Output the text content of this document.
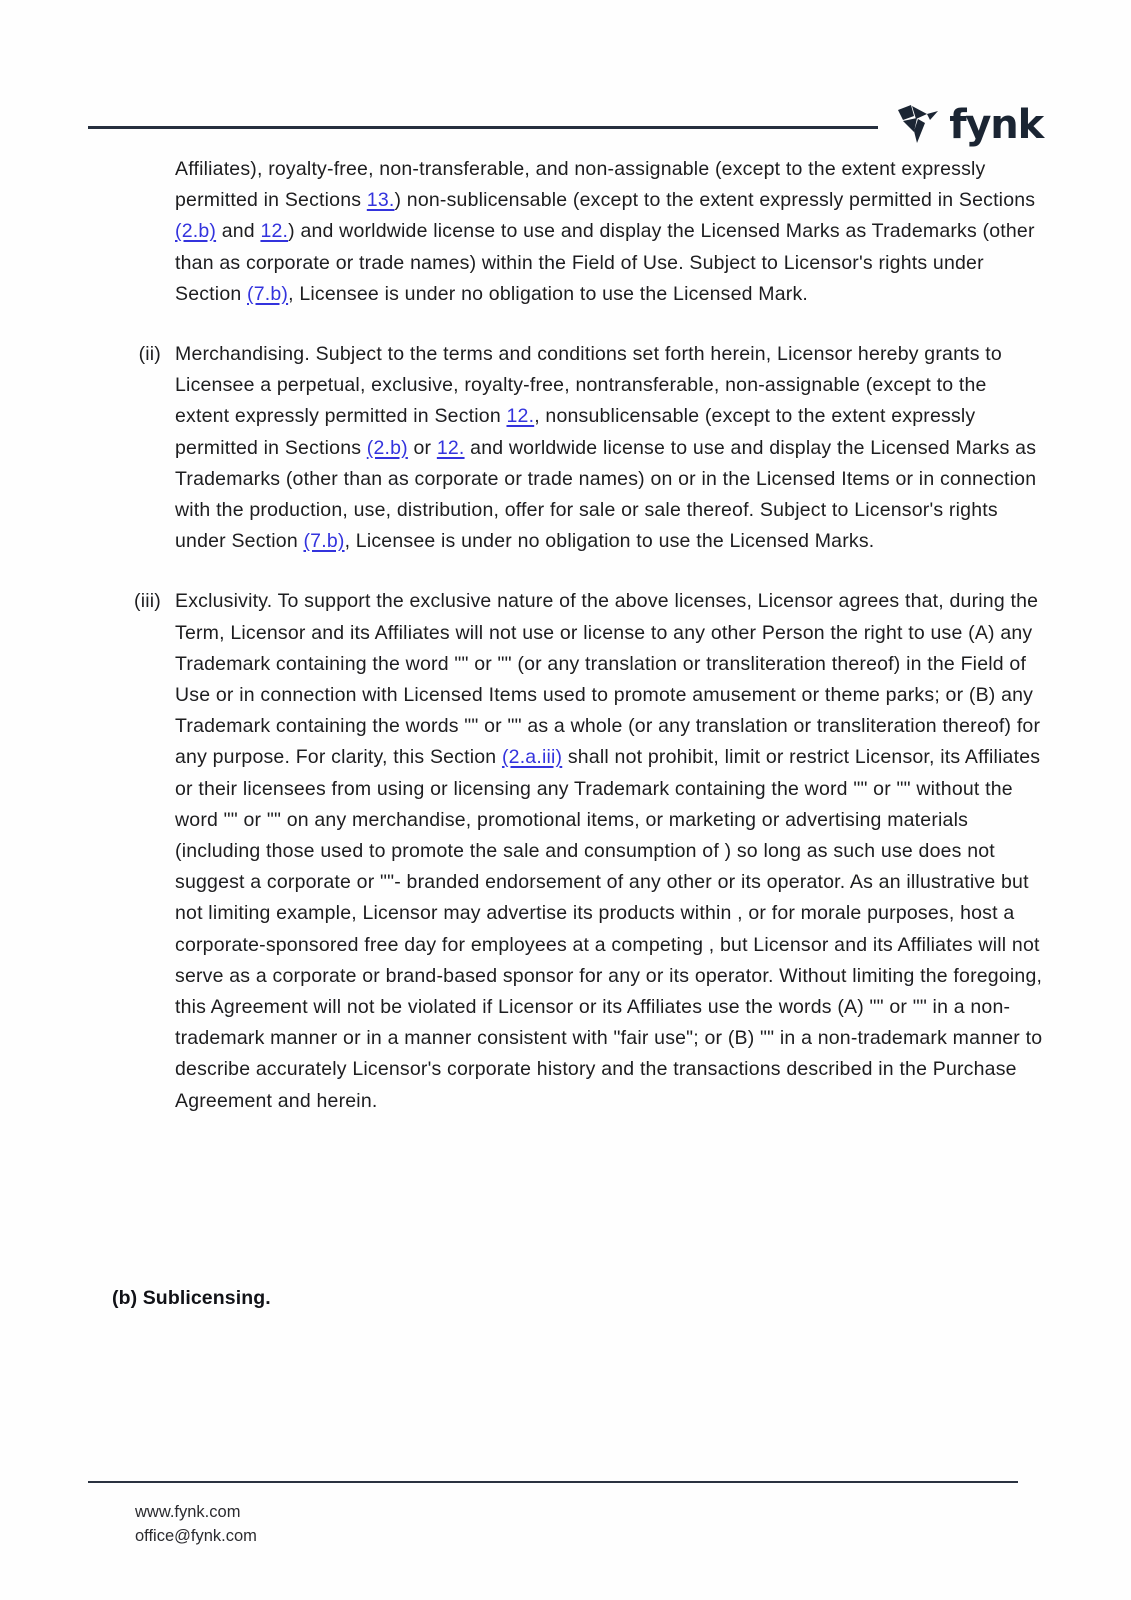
fynk

Affiliates), royalty-free, non-transferable, and non-assignable (except to the extent expressly permitted in Sections 13.) non-sublicensable (except to the extent expressly permitted in Sections (2.b) and 12.) and worldwide license to use and display the Licensed Marks as Trademarks (other than as corporate or trade names) within the Field of Use. Subject to Licensor's rights under Section (7.b), Licensee is under no obligation to use the Licensed Mark.

(ii) Merchandising. Subject to the terms and conditions set forth herein, Licensor hereby grants to Licensee a perpetual, exclusive, royalty-free, nontransferable, non-assignable (except to the extent expressly permitted in Section 12., nonsublicensable (except to the extent expressly permitted in Sections (2.b) or 12. and worldwide license to use and display the Licensed Marks as Trademarks (other than as corporate or trade names) on or in the Licensed Items or in connection with the production, use, distribution, offer for sale or sale thereof. Subject to Licensor's rights under Section (7.b), Licensee is under no obligation to use the Licensed Marks.

(iii) Exclusivity. To support the exclusive nature of the above licenses, Licensor agrees that, during the Term, Licensor and its Affiliates will not use or license to any other Person the right to use (A) any Trademark containing the word "" or "" (or any translation or transliteration thereof) in the Field of Use or in connection with Licensed Items used to promote amusement or theme parks; or (B) any Trademark containing the words "" or "" as a whole (or any translation or transliteration thereof) for any purpose. For clarity, this Section (2.a.iii) shall not prohibit, limit or restrict Licensor, its Affiliates or their licensees from using or licensing any Trademark containing the word "" or "" without the word "" or "" on any merchandise, promotional items, or marketing or advertising materials (including those used to promote the sale and consumption of ) so long as such use does not suggest a corporate or ""- branded endorsement of any other or its operator. As an illustrative but not limiting example, Licensor may advertise its products within , or for morale purposes, host a corporate-sponsored free day for employees at a competing , but Licensor and its Affiliates will not serve as a corporate or brand-based sponsor for any or its operator. Without limiting the foregoing, this Agreement will not be violated if Licensor or its Affiliates use the words (A) "" or "" in a non-trademark manner or in a manner consistent with "fair use"; or (B) "" in a non-trademark manner to describe accurately Licensor's corporate history and the transactions described in the Purchase Agreement and herein.

(b) Sublicensing.
www.fynk.com
office@fynk.com
